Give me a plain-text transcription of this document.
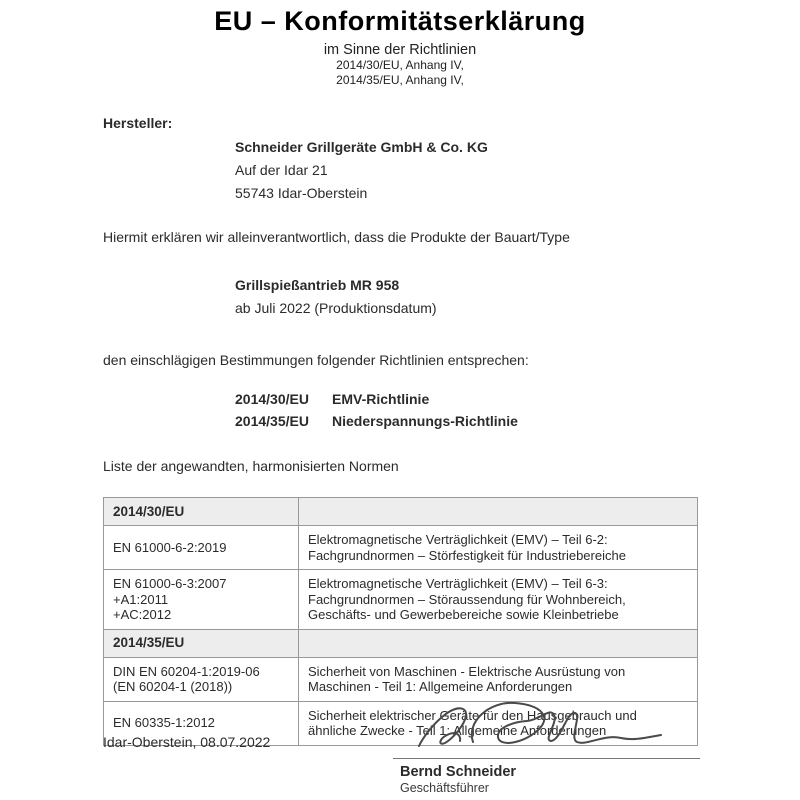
EU – Konformitätserklärung
im Sinne der Richtlinien
2014/30/EU, Anhang IV,
2014/35/EU, Anhang IV,
Hersteller:
Schneider Grillgeräte GmbH & Co. KG
Auf der Idar 21
55743 Idar-Oberstein
Hiermit erklären wir alleinverantwortlich, dass die Produkte der Bauart/Type
Grillspießantrieb MR 958
ab Juli 2022 (Produktionsdatum)
den einschlägigen Bestimmungen folgender Richtlinien entsprechen:
2014/30/EU EMV-Richtlinie
2014/35/EU Niederspannungs-Richtlinie
Liste der angewandten, harmonisierten Normen
2014/30/EU	

EN 61000-6-2:2019	Elektromagnetische Verträglichkeit (EMV) – Teil 6-2: Fachgrundnormen – Störfestigkeit für Industriebereiche

EN 61000-6-3:2007
+A1:2011
+AC:2012	Elektromagnetische Verträglichkeit (EMV) – Teil 6-3: Fachgrundnormen – Störaussendung für Wohnbereich, Geschäfts- und Gewerbebereiche sowie Kleinbetriebe
2014/35/EU	

DIN EN 60204-1:2019-06
(EN 60204-1 (2018))	Sicherheit von Maschinen - Elektrische Ausrüstung von Maschinen - Teil 1: Allgemeine Anforderungen

EN 60335-1:2012	Sicherheit elektrischer Geräte für den Hausgebrauch und ähnliche Zwecke - Teil 1: Allgemeine Anforderungen
Idar-Oberstein, 08.07.2022
Bernd Schneider
Geschäftsführer
